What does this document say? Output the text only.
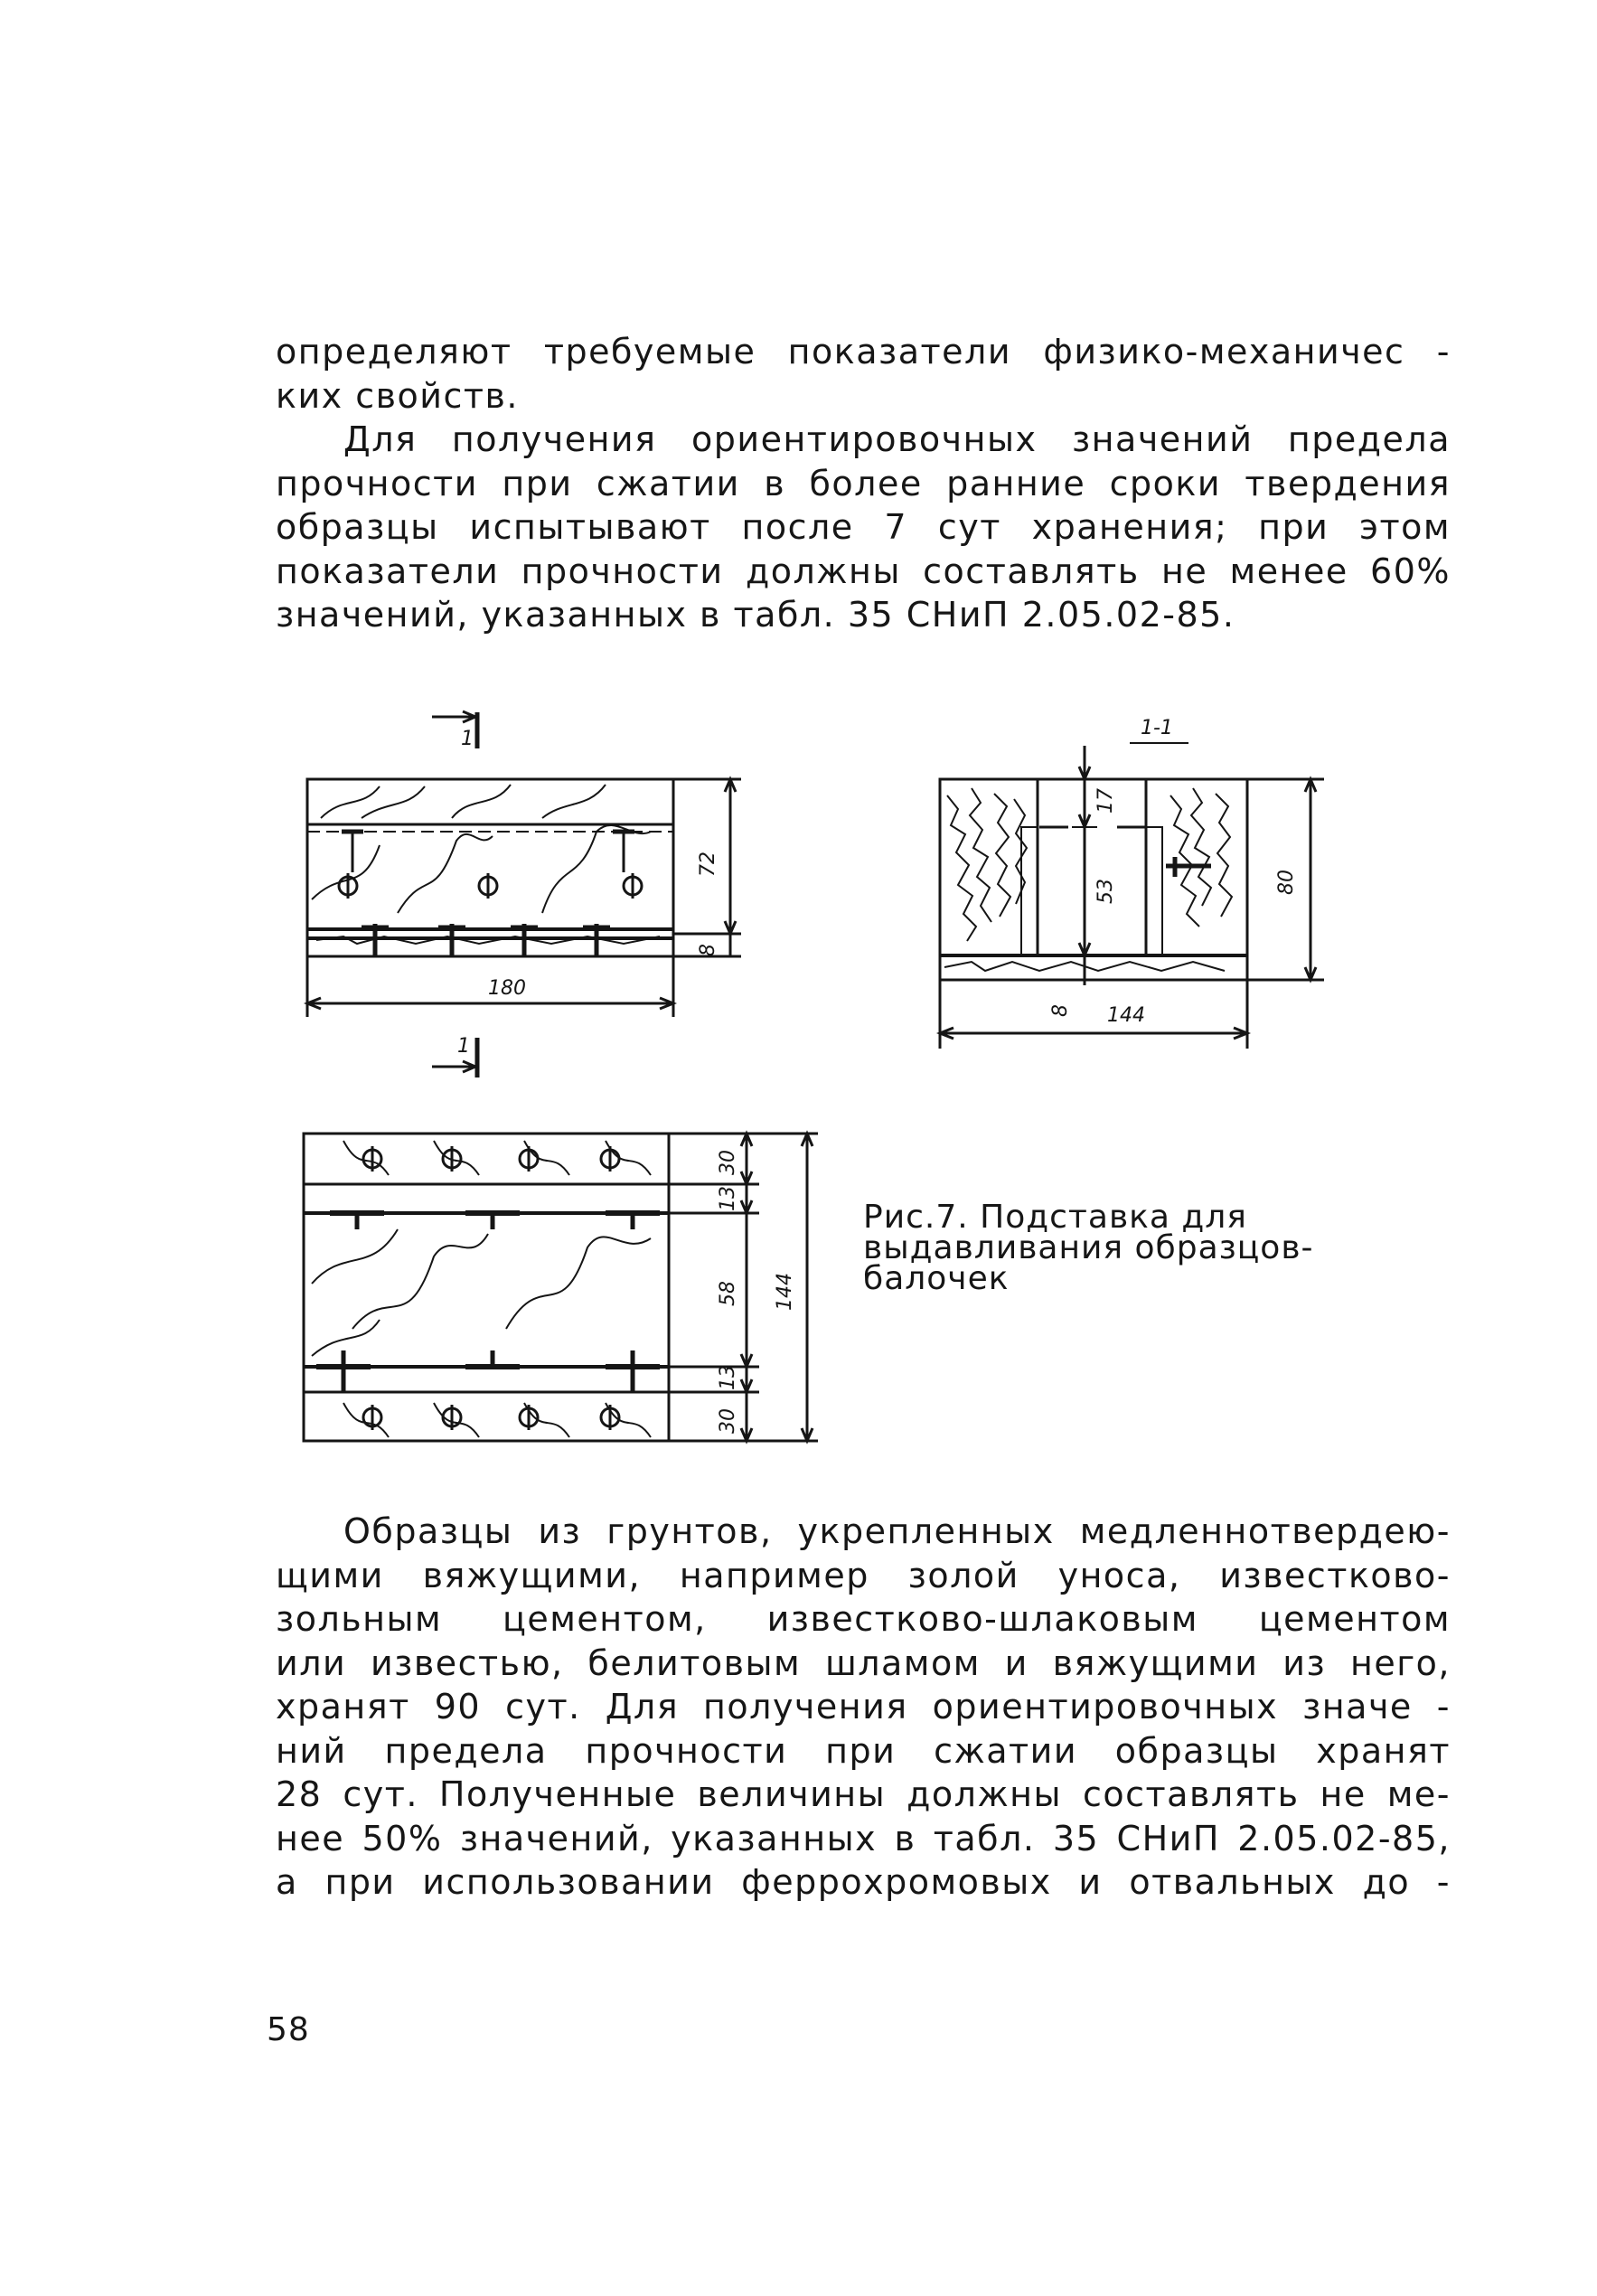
определяют требуемые показатели физико-механичес -
ких свойств.
Для получения ориентировочных значений предела
прочности при сжатии в более ранние сроки твердения
образцы испытывают после 7 сут хранения; при этом
показатели прочности должны составлять не менее 60%
значений, указанных в табл. 35 СНиП 2.05.02-85.
1
1
72
8
180
1-1
17
53
8
80
144
30
13
58
13
30
144
Рис.7. Подставка для
выдавливания образцов-
балочек
Образцы из грунтов, укрепленных медленнотвердею-
щими вяжущими, например золой уноса, известково-
зольным цементом, известково-шлаковым цементом
или известью, белитовым шламом и вяжущими из него,
хранят 90 сут. Для получения ориентировочных значе -
ний предела прочности при сжатии образцы хранят
28 сут. Полученные величины должны составлять не ме-
нее 50% значений, указанных в табл. 35 СНиП 2.05.02-85,
а при использовании феррохромовых и отвальных до -
58
